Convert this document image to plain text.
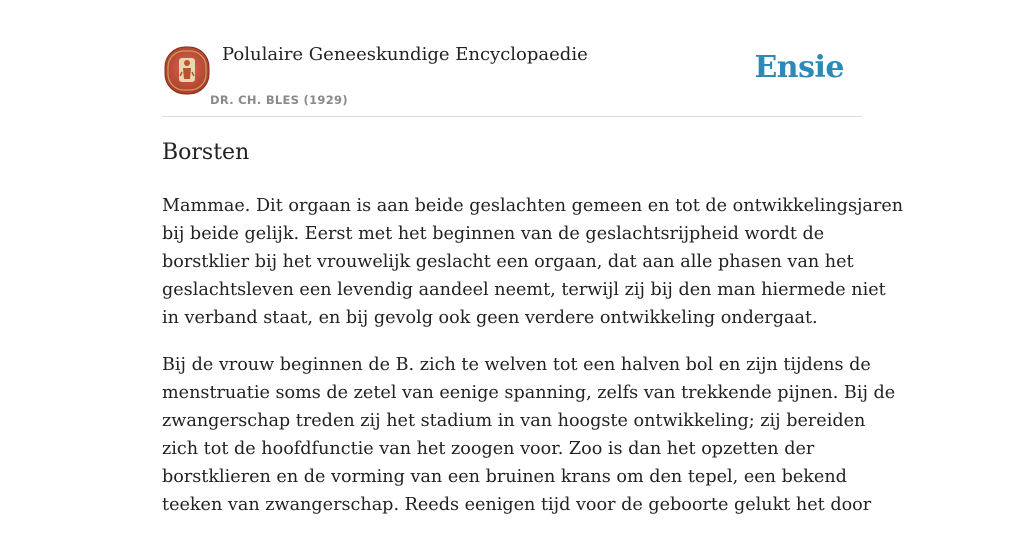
Polulaire Geneeskundige Encyclopaedie
DR. CH. BLES (1929)
Ensie
Borsten

Mammae. Dit orgaan is aan beide geslachten gemeen en tot de ontwikkelingsjaren
bij beide gelijk. Eerst met het beginnen van de geslachtsrijpheid wordt de
borstklier bij het vrouwelijk geslacht een orgaan, dat aan alle phasen van het
geslachtsleven een levendig aandeel neemt, terwijl zij bij den man hiermede niet
in verband staat, en bij gevolg ook geen verdere ontwikkeling ondergaat.

Bij de vrouw beginnen de B. zich te welven tot een halven bol en zijn tijdens de
menstruatie soms de zetel van eenige spanning, zelfs van trekkende pijnen. Bij de
zwangerschap treden zij het stadium in van hoogste ontwikkeling; zij bereiden
zich tot de hoofdfunctie van het zoogen voor. Zoo is dan het opzetten der
borstklieren en de vorming van een bruinen krans om den tepel, een bekend
teeken van zwangerschap. Reeds eenigen tijd voor de geboorte gelukt het door
